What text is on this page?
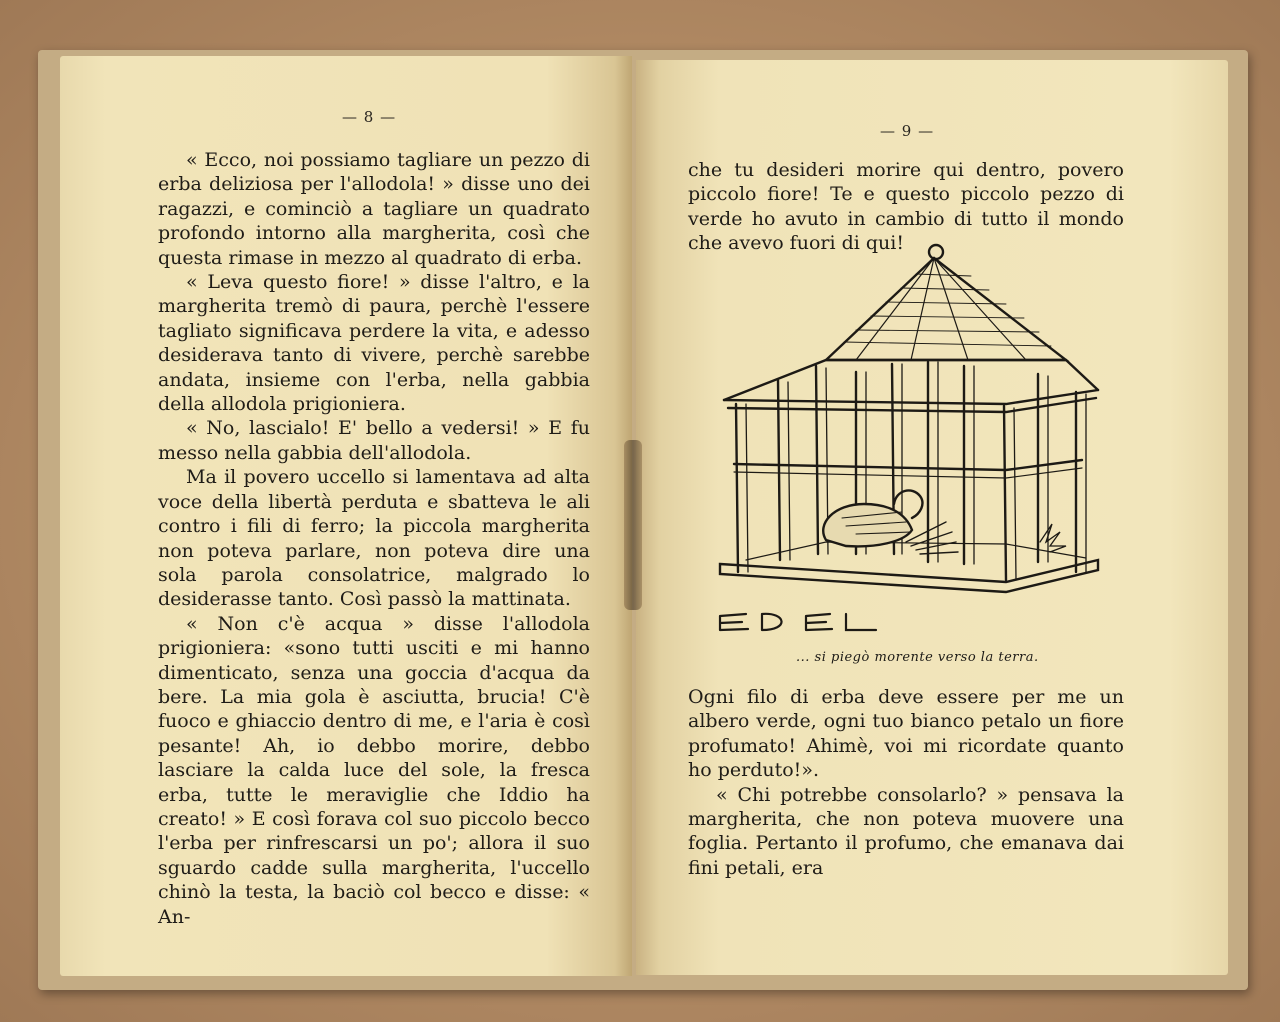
— 8 —

« Ecco, noi possiamo tagliare un pezzo di erba deliziosa per l'allodola! » disse uno dei ragazzi, e cominciò a tagliare un quadrato profondo intorno alla margherita, così che questa rimase in mezzo al quadrato di erba.

« Leva questo fiore! » disse l'altro, e la margherita tremò di paura, perchè l'essere tagliato significava perdere la vita, e adesso desiderava tanto di vivere, perchè sarebbe andata, insieme con l'erba, nella gabbia della allodola prigioniera.

« No, lascialo! E' bello a vedersi! » E fu messo nella gabbia dell'allodola.

Ma il povero uccello si lamentava ad alta voce della libertà perduta e sbatteva le ali contro i fili di ferro; la piccola margherita non poteva parlare, non poteva dire una sola parola consolatrice, malgrado lo desiderasse tanto. Così passò la mattinata.

« Non c'è acqua » disse l'allodola prigioniera: «sono tutti usciti e mi hanno dimenticato, senza una goccia d'acqua da bere. La mia gola è asciutta, brucia! C'è fuoco e ghiaccio dentro di me, e l'aria è così pesante! Ah, io debbo morire, debbo lasciare la calda luce del sole, la fresca erba, tutte le meraviglie che Iddio ha creato! » E così forava col suo piccolo becco l'erba per rinfrescarsi un po'; allora il suo sguardo cadde sulla margherita, l'uccello chinò la testa, la baciò col becco e disse: « An-

— 9 —

che tu desideri morire qui dentro, povero piccolo fiore! Te e questo piccolo pezzo di verde ho avuto in cambio di tutto il mondo che avevo fuori di qui!

... si piegò morente verso la terra.

Ogni filo di erba deve essere per me un albero verde, ogni tuo bianco petalo un fiore profumato! Ahimè, voi mi ricordate quanto ho perduto!».

« Chi potrebbe consolarlo? » pensava la margherita, che non poteva muovere una foglia. Pertanto il profumo, che emanava dai fini petali, era
